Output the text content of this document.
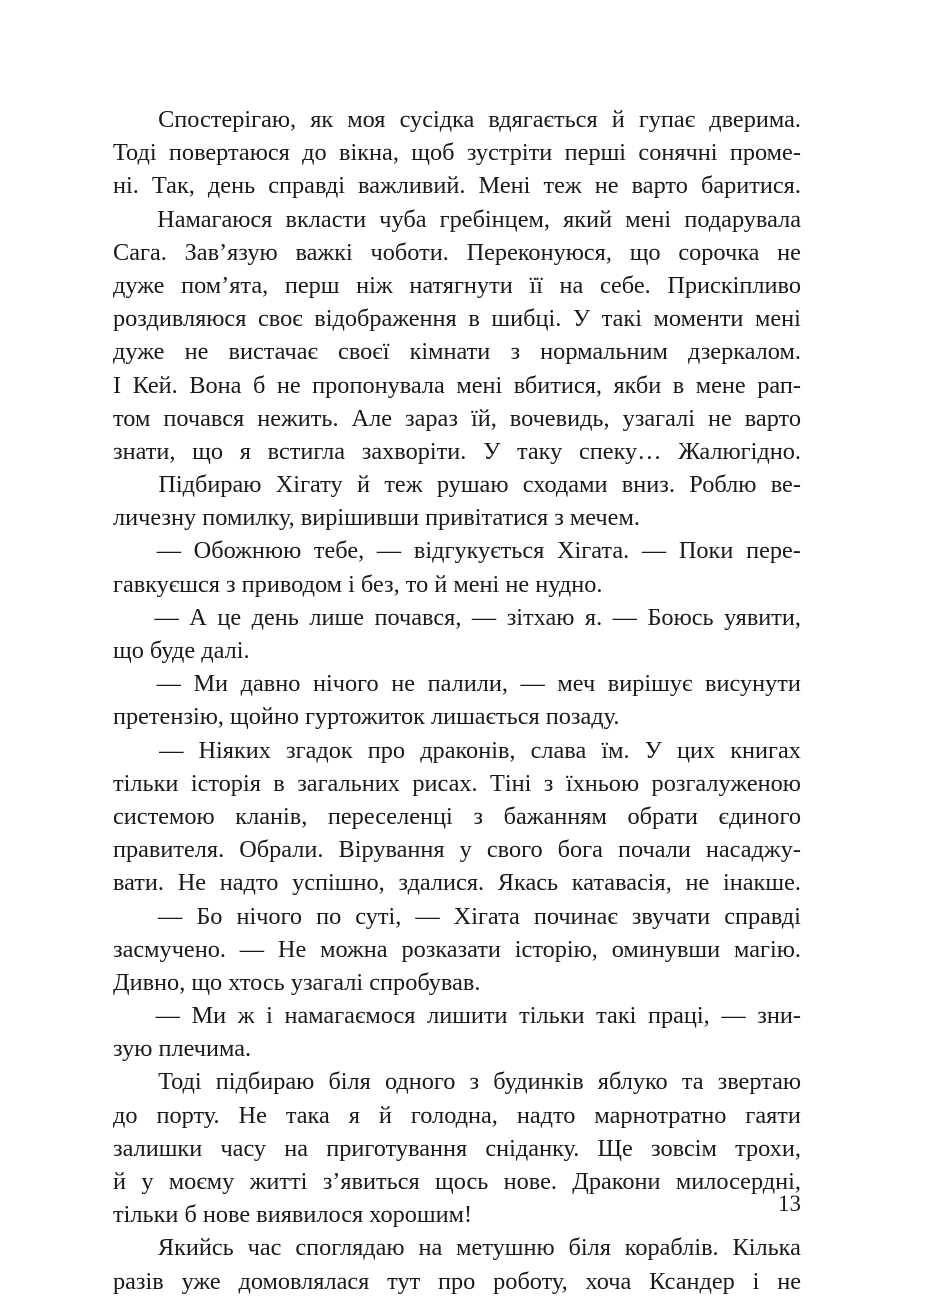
Спостерігаю, як моя сусідка вдягається й гупає дверима.
Тоді повертаюся до вікна, щоб зустріти перші сонячні проме-
ні. Так, день справді важливий. Мені теж не варто баритися.
Намагаюся вкласти чуба гребінцем, який мені подарувала
Сага. Зав’язую важкі чоботи. Переконуюся, що сорочка не
дуже пом’ята, перш ніж натягнути її на себе. Прискіпливо
роздивляюся своє відображення в шибці. У такі моменти мені
дуже не вистачає своєї кімнати з нормальним дзеркалом.
І Кей. Вона б не пропонувала мені вбитися, якби в мене рап-
том почався нежить. Але зараз їй, вочевидь, узагалі не варто
знати, що я встигла захворіти. У таку спеку… Жалюгідно.
Підбираю Хігату й теж рушаю сходами вниз. Роблю ве-
личезну помилку, вирішивши привітатися з мечем.
— Обожнюю тебе, — відгукується Хігата. — Поки пере-
гавкуєшся з приводом і без, то й мені не нудно.
— А це день лише почався, — зітхаю я. — Боюсь уявити,
що буде далі.
— Ми давно нічого не палили, — меч вирішує висунути
претензію, щойно гуртожиток лишається позаду.
— Ніяких згадок про драконів, слава їм. У цих книгах
тільки історія в загальних рисах. Тіні з їхньою розгалуженою
системою кланів, переселенці з бажанням обрати єдиного
правителя. Обрали. Вірування у свого бога почали насаджу-
вати. Не надто успішно, здалися. Якась катавасія, не інакше.
— Бо нічого по суті, — Хігата починає звучати справді
засмучено. — Не можна розказати історію, оминувши магію.
Дивно, що хтось узагалі спробував.
— Ми ж і намагаємося лишити тільки такі праці, — зни-
зую плечима.
Тоді підбираю біля одного з будинків яблуко та звертаю
до порту. Не така я й голодна, надто марнотратно гаяти
залишки часу на приготування сніданку. Ще зовсім трохи,
й у моєму житті з’явиться щось нове. Дракони милосердні,
тільки б нове виявилося хорошим!
Якийсь час споглядаю на метушню біля кораблів. Кілька
разів уже домовлялася тут про роботу, хоча Ксандер і не
13
